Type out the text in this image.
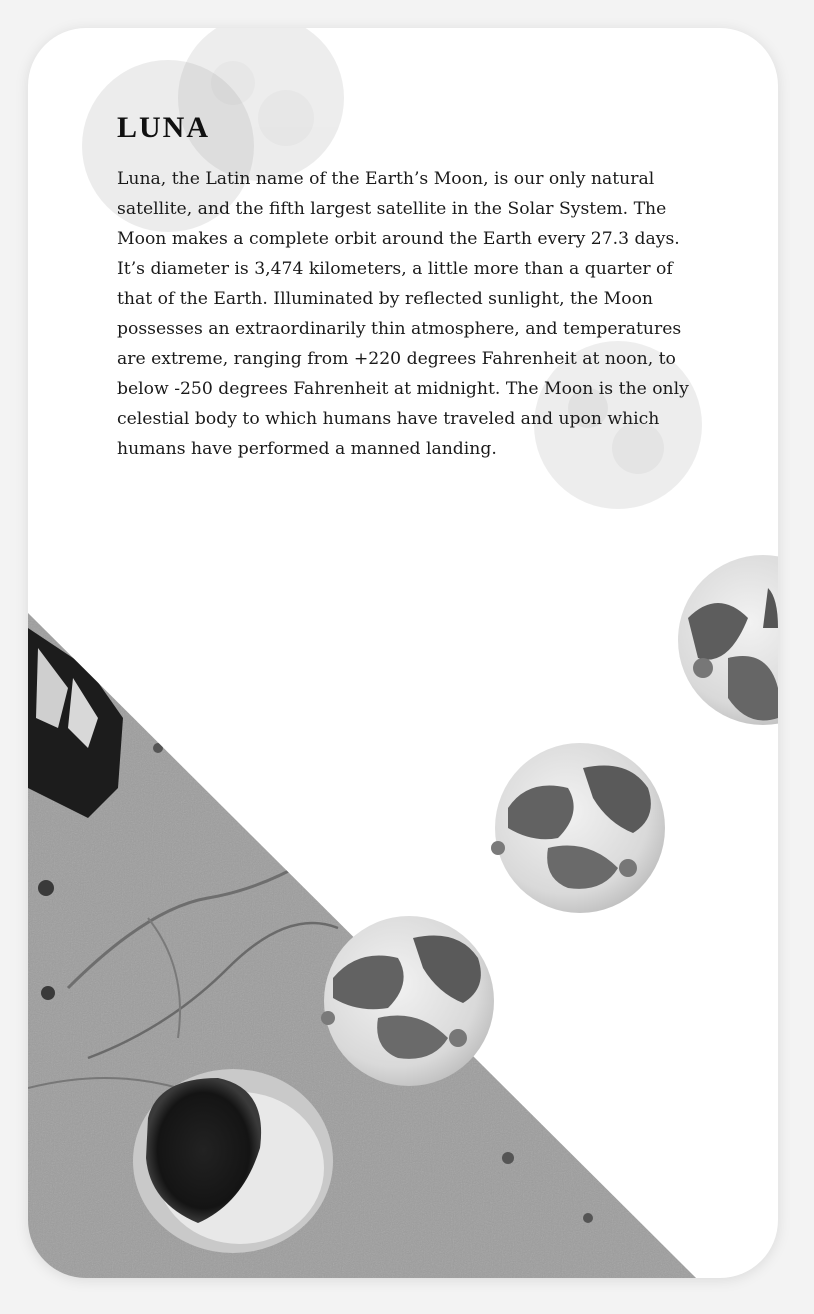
LUNA

Luna, the Latin name of the Earth’s Moon, is our only natural
satellite, and the fifth largest satellite in the Solar System. The
Moon makes a complete orbit around the Earth every 27.3 days.
It’s diameter is 3,474 kilometers, a little more than a quarter of
that of the Earth. Illuminated by reflected sunlight, the Moon
possesses an extraordinarily thin atmosphere, and temperatures
are extreme, ranging from +220 degrees Fahrenheit at noon, to
below -250 degrees Fahrenheit at midnight. The Moon is the only
celestial body to which humans have traveled and upon which
humans have performed a manned landing.
